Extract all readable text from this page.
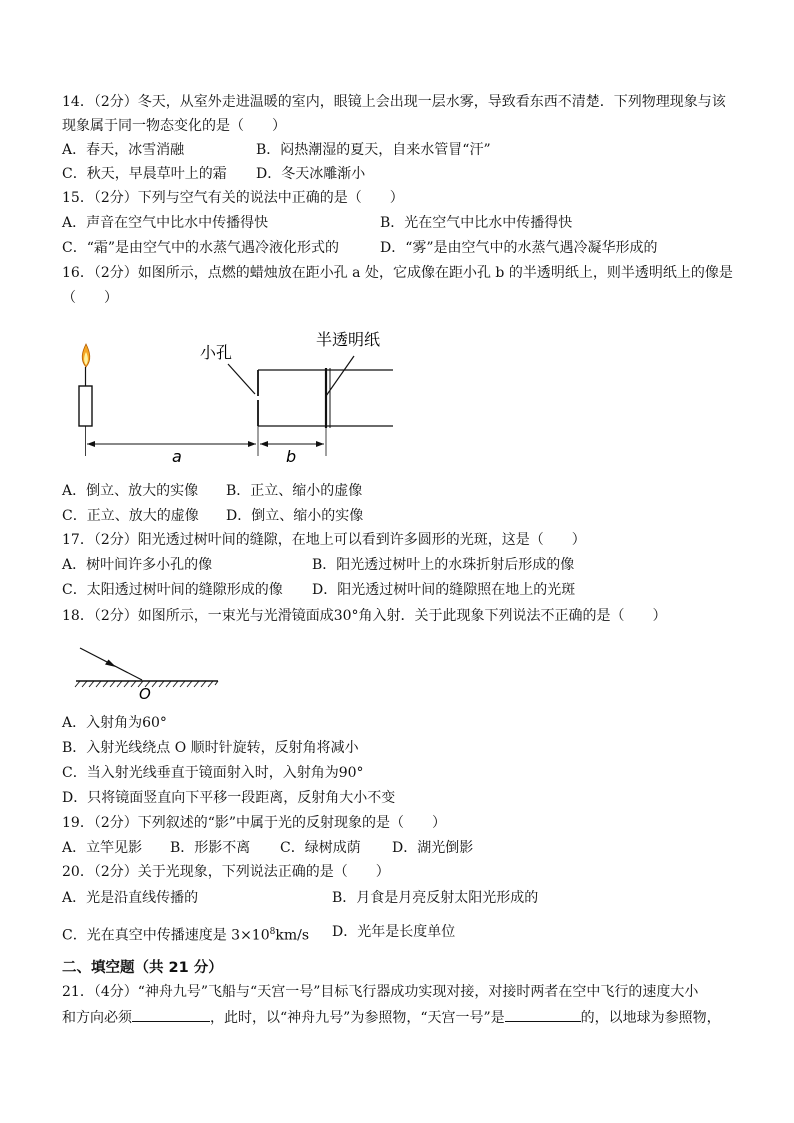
14．（2分）冬天，从室外走进温暖的室内，眼镜上会出现一层水雾，导致看东西不清楚．下列物理现象与该
现象属于同一物态变化的是（　　）
A．春天，冰雪消融	B．闷热潮湿的夏天，自来水管冒“汗”
C．秋天，早晨草叶上的霜 D．冬天冰雕渐小
15．（2分）下列与空气有关的说法中正确的是（　　）
A．声音在空气中比水中传播得快	B．光在空气中比水中传播得快
C．“霜”是由空气中的水蒸气遇冷液化形式的	D．“雾”是由空气中的水蒸气遇冷凝华形成的
16．（2分）如图所示，点燃的蜡烛放在距小孔 a 处，它成像在距小孔 b 的半透明纸上，则半透明纸上的像是
（　　）
小孔
半透明纸
a	b
A．倒立、放大的实像 B．正立、缩小的虚像
C．正立、放大的虚像 D．倒立、缩小的实像
17．（2分）阳光透过树叶间的缝隙，在地上可以看到许多圆形的光斑，这是（　　）
A．树叶间许多小孔的像	B．阳光透过树叶上的水珠折射后形成的像
C．太阳透过树叶间的缝隙形成的像 D．阳光透过树叶间的缝隙照在地上的光斑
18．（2分）如图所示，一束光与光滑镜面成30°角入射．关于此现象下列说法不正确的是（　　）
O
A．入射角为60°
B．入射光线绕点 O 顺时针旋转，反射角将减小
C．当入射光线垂直于镜面射入时，入射角为90°
D．只将镜面竖直向下平移一段距离，反射角大小不变
19．（2分）下列叙述的“影”中属于光的反射现象的是（　　）
A．立竿见影 B．形影不离 C．绿树成荫 D．湖光倒影
20．（2分）关于光现象，下列说法正确的是（　　）
A．光是沿直线传播的	B．月食是月亮反射太阳光形成的
C．光在真空中传播速度是 $3\times 10^8km/s$ D．光年是长度单位
二、填空题（共 21 分）
21．（4分）“神舟九号”飞船与“天宫一号”目标飞行器成功实现对接，对接时两者在空中飞行的速度大小
和方向必须	，此时，以“神舟九号”为参照物，“天宫一号”是	的，以地球为参照物，
